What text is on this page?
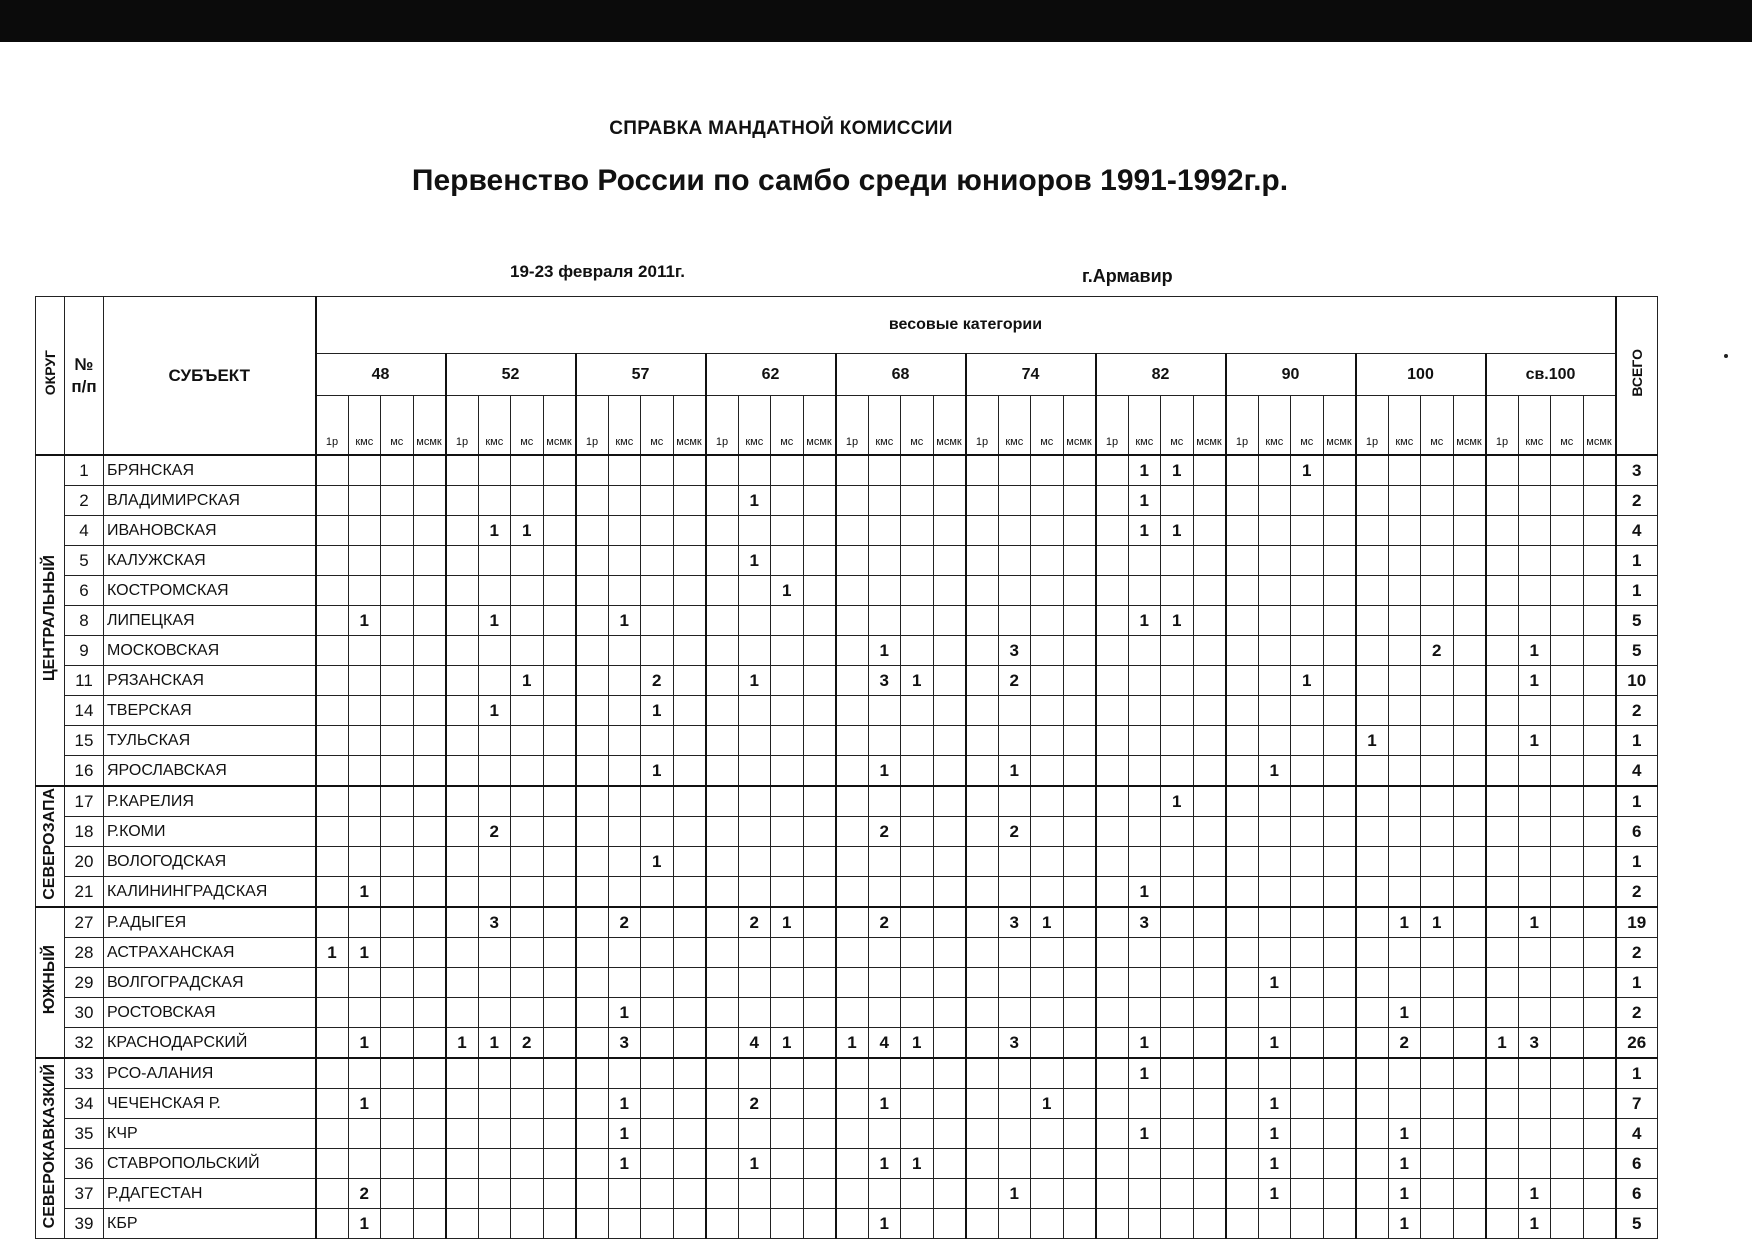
СПРАВКА МАНДАТНОЙ КОМИССИИ
Первенство России по самбо среди юниоров 1991-1992г.р.
19-23 февраля 2011г.	г.Армавир
ОКРУГ	№ п/п	СУБЪЕКТ	весовые категории																																								ВСЕГО
			48				52				57				62				68				74				82				90				100				св.100				
			1р	кмс	мс	мсмк	1р	кмс	мс	мсмк	1р	кмс	мс	мсмк	1р	кмс	мс	мсмк	1р	кмс	мс	мсмк	1р	кмс	мс	мсмк	1р	кмс	мс	мсмк	1р	кмс	мс	мсмк	1р	кмс	мс	мсмк	1р	кмс	мс	мсмк	
ЦЕНТРАЛЬНЫЙ	1	БРЯНСКАЯ																										1	1				1										3
	2	ВЛАДИМИРСКАЯ														1												1															2
	4	ИВАНОВСКАЯ						1	1																			1	1														4
	5	КАЛУЖСКАЯ														1																											1
	6	КОСТРОМСКАЯ															1																										1
	8	ЛИПЕЦКАЯ		1				1				1																1	1														5
	9	МОСКОВСКАЯ																		1				3													2			1			5
	11	РЯЗАНСКАЯ							1				2			1				3	1			2									1							1			10
	14	ТВЕРСКАЯ						1					1																														2
	15	ТУЛЬСКАЯ																																	1					1			1
	16	ЯРОСЛАВСКАЯ											1							1				1								1											4
СЕВЕРОЗАПА	17	Р.КАРЕЛИЯ																											1														1
	18	Р.КОМИ						2												2				2																			6
	20	ВОЛОГОДСКАЯ											1																														1
	21	КАЛИНИНГРАДСКАЯ		1																								1															2
ЮЖНЫЙ	27	Р.АДЫГЕЯ						3				2				2	1			2				3	1			3								1	1			1			19
	28	АСТРАХАНСКАЯ	1	1																																							2
	29	ВОЛГОГРАДСКАЯ																														1											1
	30	РОСТОВСКАЯ										1																								1							2
	32	КРАСНОДАРСКИЙ		1			1	1	2			3				4	1		1	4	1			3				1				1				2			1	3			26
СЕВЕРОКАВКАЗКИЙ	33	РСО-АЛАНИЯ																										1															1
	34	ЧЕЧЕНСКАЯ Р.		1								1				2				1					1							1											7
	35	КЧР										1																1				1				1							4
	36	СТАВРОПОЛЬСКИЙ										1				1				1	1											1				1							6
	37	Р.ДАГЕСТАН		2																				1								1				1				1			6
	39	КБР		1																1																1				1			5
